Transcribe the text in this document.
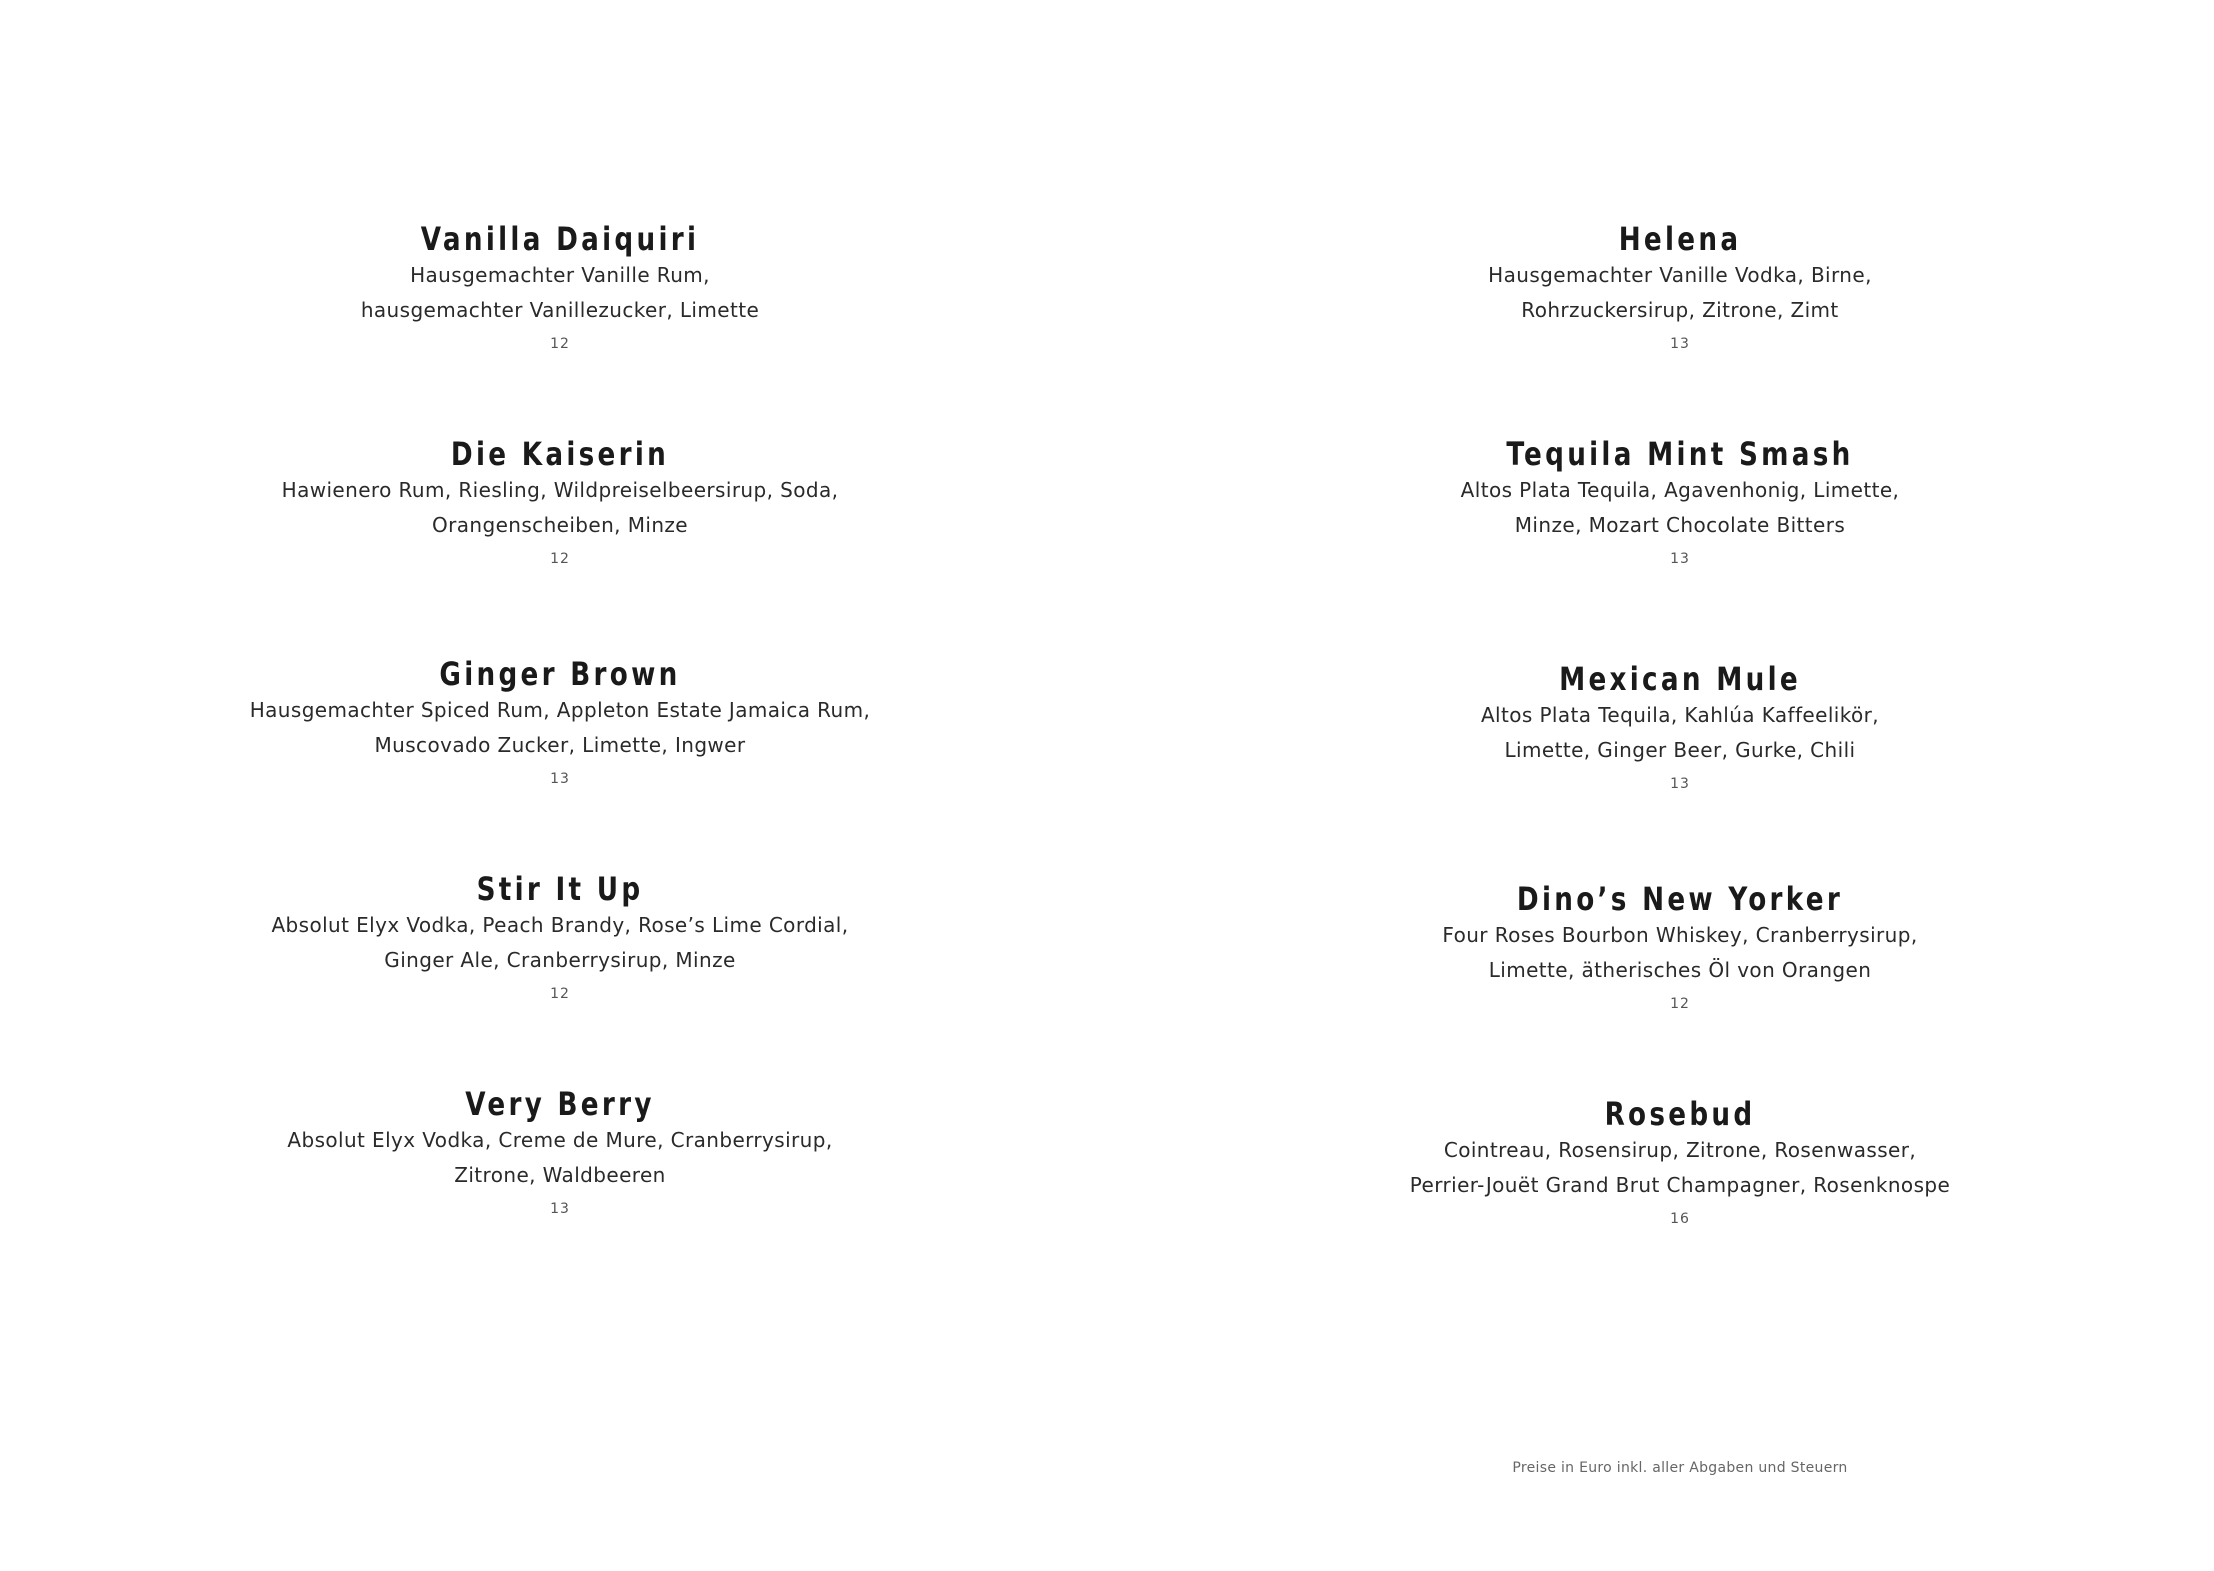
Vanilla Daiquiri
Hausgemachter Vanille Rum,
hausgemachter Vanillezucker, Limette
12
Die Kaiserin
Hawienero Rum, Riesling, Wildpreiselbeersirup, Soda,
Orangenscheiben, Minze
12
Ginger Brown
Hausgemachter Spiced Rum, Appleton Estate Jamaica Rum,
Muscovado Zucker, Limette, Ingwer
13
Stir It Up
Absolut Elyx Vodka, Peach Brandy, Rose’s Lime Cordial,
Ginger Ale, Cranberrysirup, Minze
12
Very Berry
Absolut Elyx Vodka, Creme de Mure, Cranberrysirup,
Zitrone, Waldbeeren
13
Helena
Hausgemachter Vanille Vodka, Birne,
Rohrzuckersirup, Zitrone, Zimt
13
Tequila Mint Smash
Altos Plata Tequila, Agavenhonig, Limette,
Minze, Mozart Chocolate Bitters
13
Mexican Mule
Altos Plata Tequila, Kahlúa Kaffeelikör,
Limette, Ginger Beer, Gurke, Chili
13
Dino’s New Yorker
Four Roses Bourbon Whiskey, Cranberrysirup,
Limette, ätherisches Öl von Orangen
12
Rosebud
Cointreau, Rosensirup, Zitrone, Rosenwasser,
Perrier-Jouët Grand Brut Champagner, Rosenknospe
16
Preise in Euro inkl. aller Abgaben und Steuern
